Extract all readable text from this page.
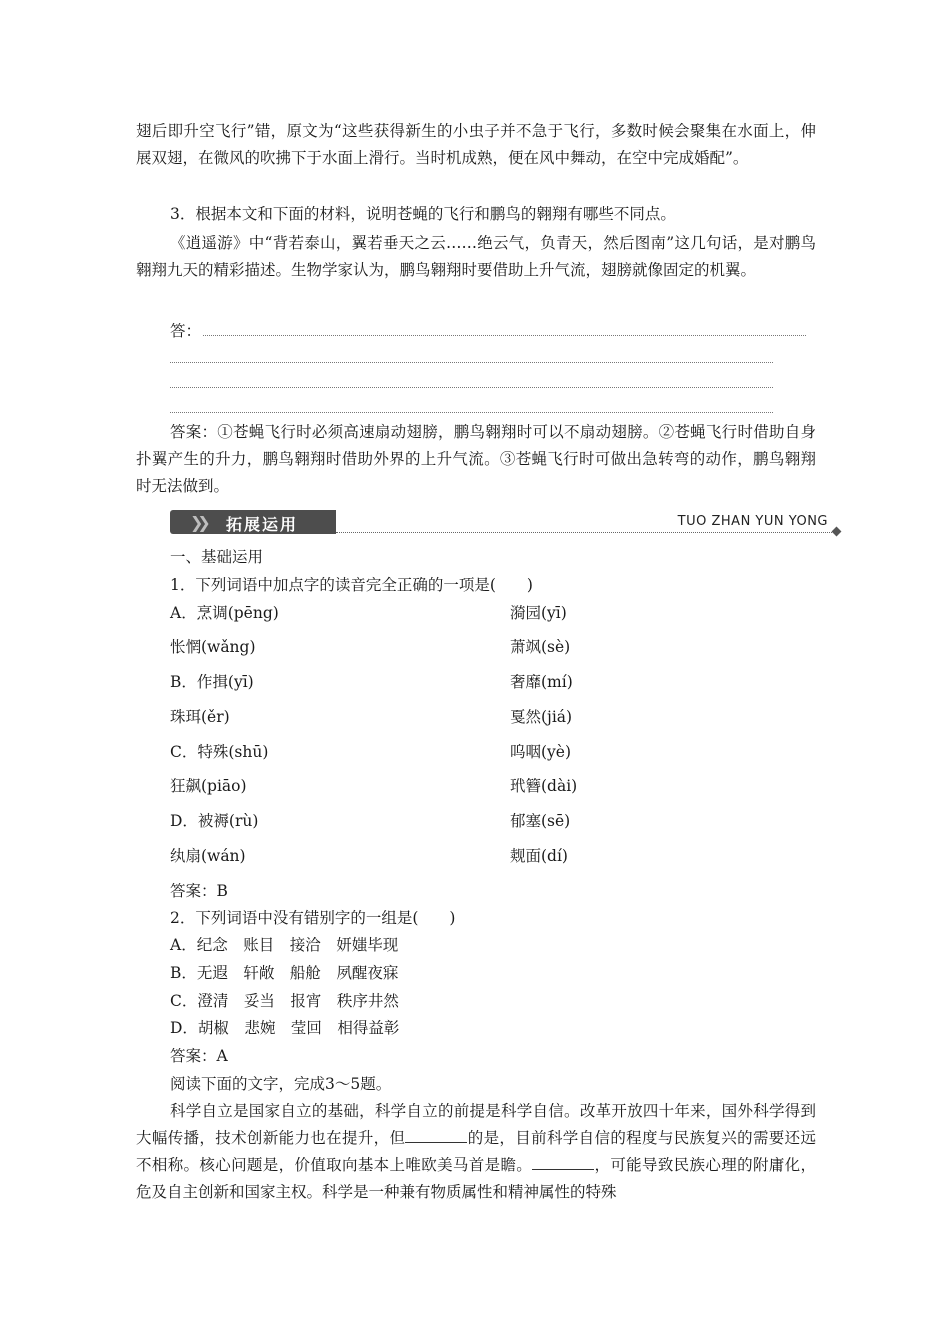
翅后即升空飞行”错，原文为“这些获得新生的小虫子并不急于飞行，多数时候会聚集在水面上，伸展双翅，在微风的吹拂下于水面上滑行。当时机成熟，便在风中舞动，在空中完成婚配”。

3．根据本文和下面的材料，说明苍蝇的飞行和鹏鸟的翱翔有哪些不同点。

《逍遥游》中“背若泰山，翼若垂天之云……绝云气，负青天，然后图南”这几句话，是对鹏鸟翱翔九天的精彩描述。生物学家认为，鹏鸟翱翔时要借助上升气流，翅膀就像固定的机翼。

答：

答案：①苍蝇飞行时必须高速扇动翅膀，鹏鸟翱翔时可以不扇动翅膀。②苍蝇飞行时借助自身扑翼产生的升力，鹏鸟翱翔时借助外界的上升气流。③苍蝇飞行时可做出急转弯的动作，鹏鸟翱翔时无法做到。

❯❯ 拓展运用	TUO ZHAN YUN YONG
一、基础运用
1．下列词语中加点字的读音完全正确的一项是(　　)
A．烹调(pēng)	漪园(yī)
怅惘(wǎng)	萧飒(sè)
B．作揖(yī)	奢靡(mí)
珠珥(ěr)	戛然(jiá)
C．特殊(shū)	呜咽(yè)
狂飙(piāo)	玳簪(dài)
D．被褥(rù)	郁塞(sē)
纨扇(wán)	觌面(dí)
答案：B
2．下列词语中没有错别字的一组是(　　)
A．纪念　账目　接洽　妍媸毕现
B．无遐　轩敞　船舱　夙醒夜寐
C．澄清　妥当　报宵　秩序井然
D．胡椒　悲婉　莹回　相得益彰
答案：A
阅读下面的文字，完成3～5题。

科学自立是国家自立的基础，科学自立的前提是科学自信。改革开放四十年来，国外科学得到大幅传播，技术创新能力也在提升，但	的是，目前科学自信的程度与民族复兴的需要还远不相称。核心问题是，价值取向基本上唯欧美马首是瞻。	，可能导致民族心理的附庸化，危及自主创新和国家主权。科学是一种兼有物质属性和精神属性的特殊
